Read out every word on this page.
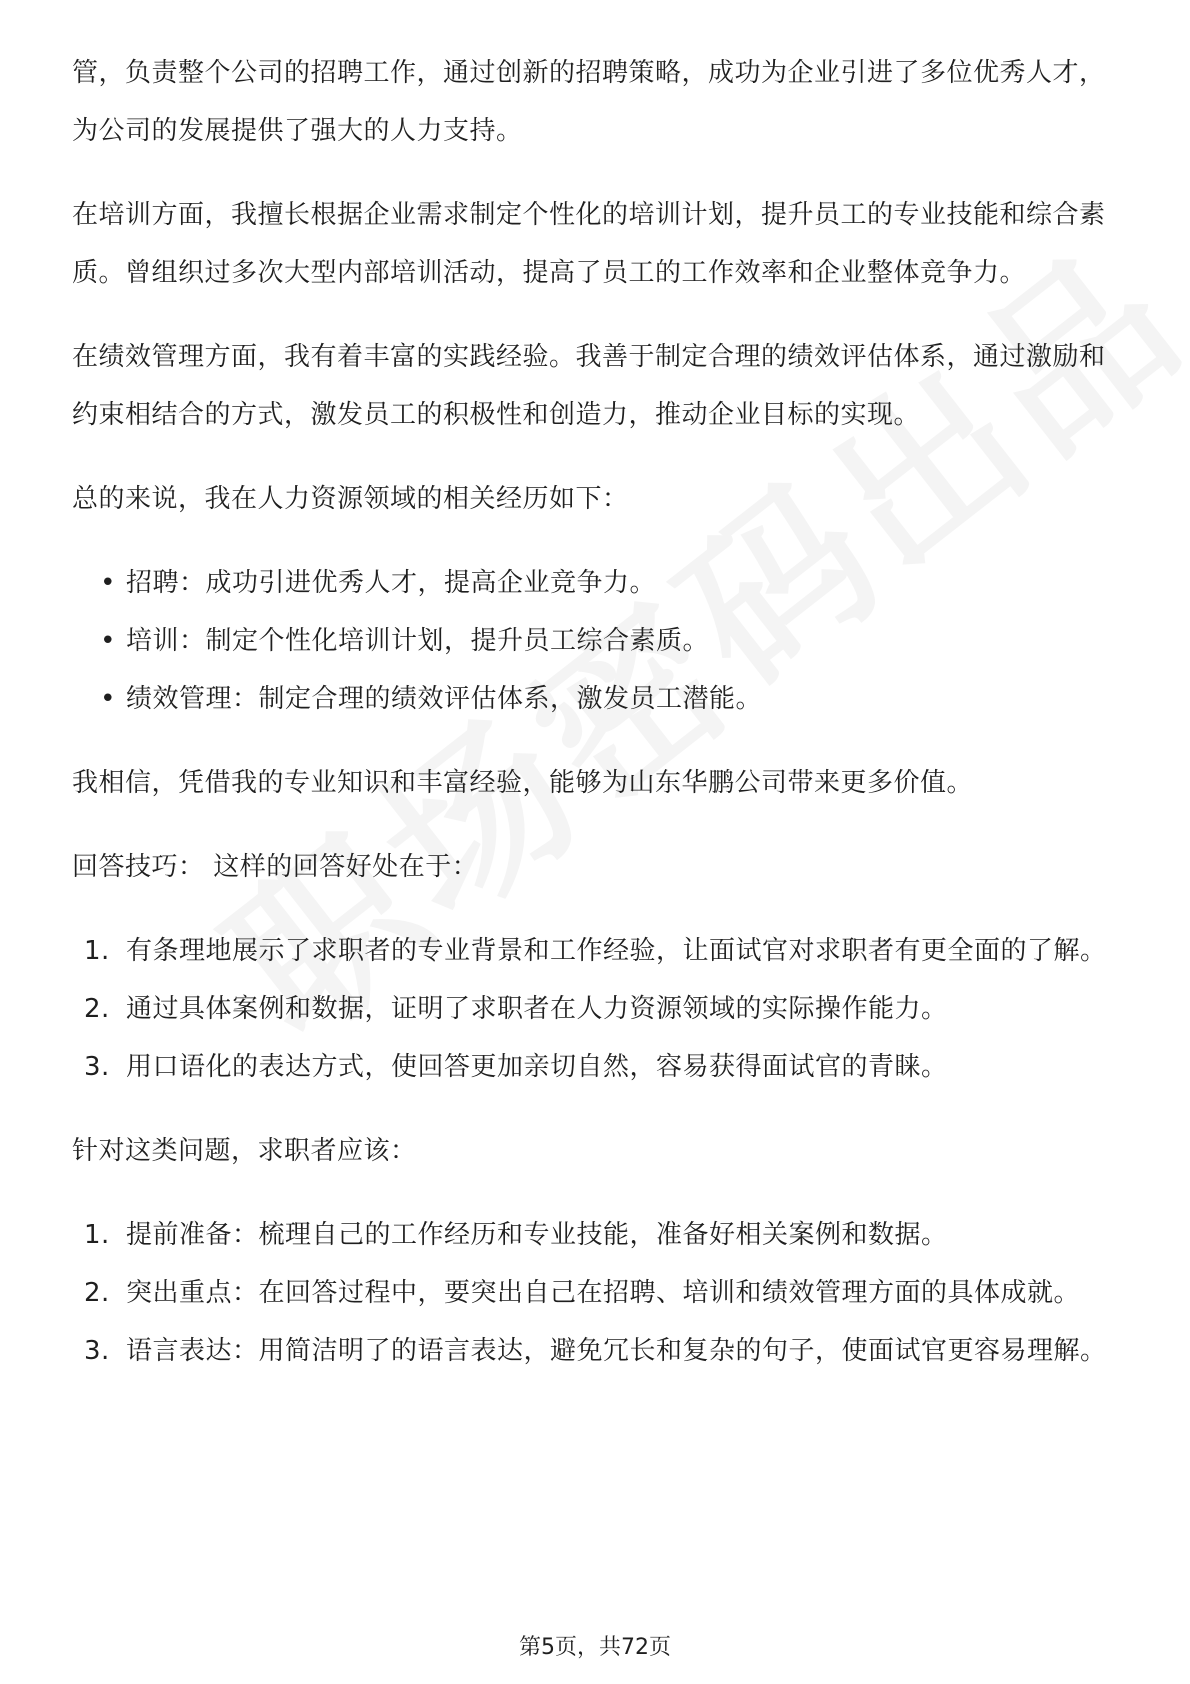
管，负责整个公司的招聘工作，通过创新的招聘策略，成功为企业引进了多位优秀人才，为公司的发展提供了强大的人力支持。

在培训方面，我擅长根据企业需求制定个性化的培训计划，提升员工的专业技能和综合素质。曾组织过多次大型内部培训活动，提高了员工的工作效率和企业整体竞争力。

在绩效管理方面，我有着丰富的实践经验。我善于制定合理的绩效评估体系，通过激励和约束相结合的方式，激发员工的积极性和创造力，推动企业目标的实现。

总的来说，我在人力资源领域的相关经历如下：

• 招聘：成功引进优秀人才，提高企业竞争力。
• 培训：制定个性化培训计划，提升员工综合素质。
• 绩效管理：制定合理的绩效评估体系，激发员工潜能。

我相信，凭借我的专业知识和丰富经验，能够为山东华鹏公司带来更多价值。

回答技巧： 这样的回答好处在于：

1. 有条理地展示了求职者的专业背景和工作经验，让面试官对求职者有更全面的了解。
2. 通过具体案例和数据，证明了求职者在人力资源领域的实际操作能力。
3. 用口语化的表达方式，使回答更加亲切自然，容易获得面试官的青睐。

针对这类问题，求职者应该：

1. 提前准备：梳理自己的工作经历和专业技能，准备好相关案例和数据。
2. 突出重点：在回答过程中，要突出自己在招聘、培训和绩效管理方面的具体成就。
3. 语言表达：用简洁明了的语言表达，避免冗长和复杂的句子，使面试官更容易理解。
第5页，共72页
